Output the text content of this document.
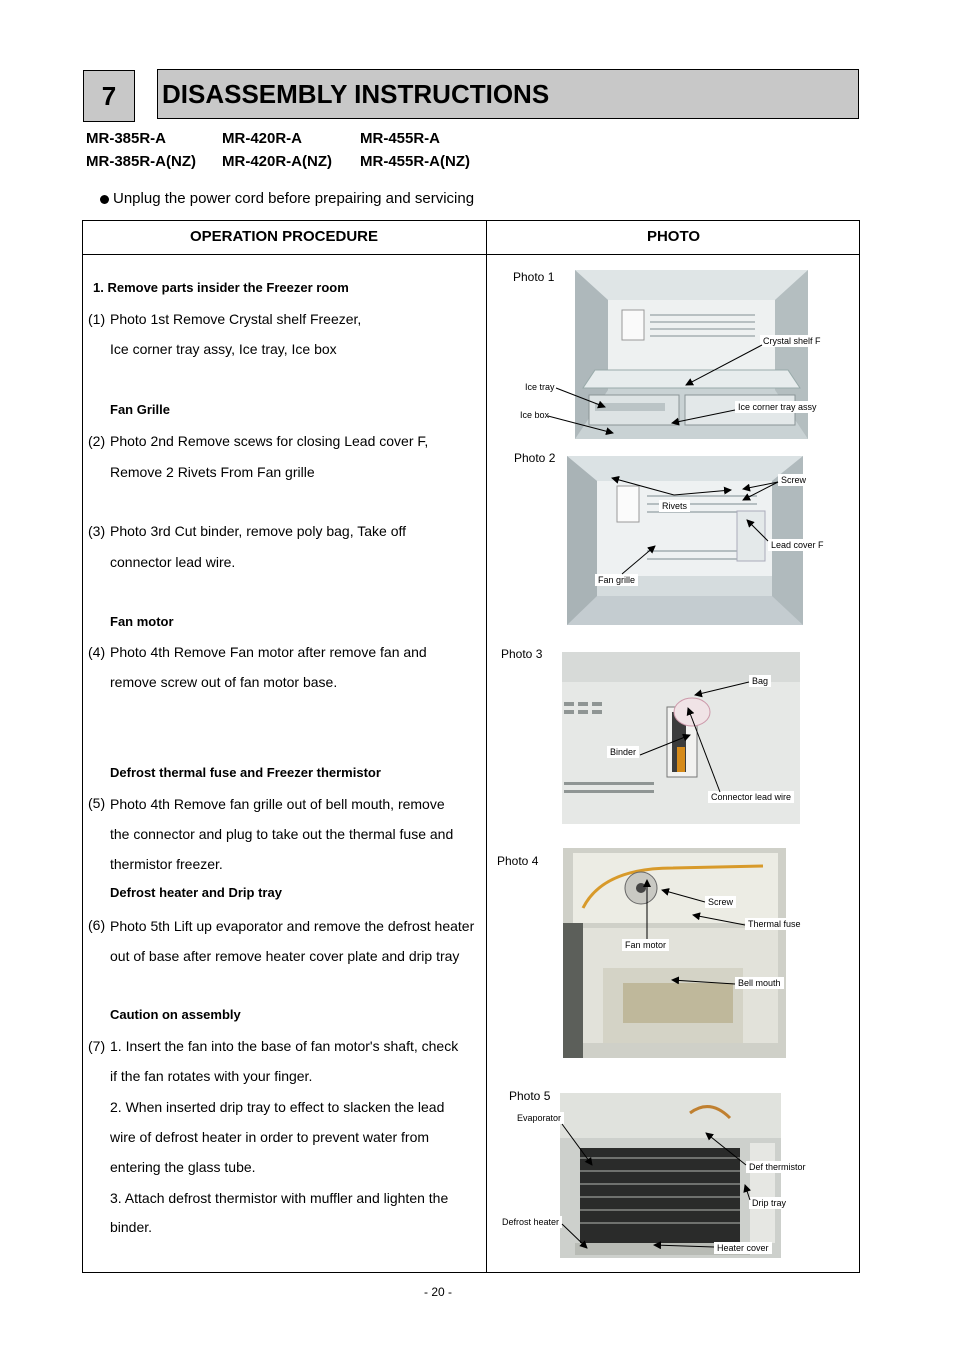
7	DISASSEMBLY INSTRUCTIONS
MR-385R-A	MR-420R-A	MR-455R-A
MR-385R-A(NZ) MR-420R-A(NZ) MR-455R-A(NZ)
Unplug the power cord before prepairing and servicing
OPERATION PROCEDURE	PHOTO
1. Remove parts insider the Freezer room
(1) Photo 1st Remove Crystal shelf Freezer,
Ice corner tray assy, Ice tray, Ice box
Fan Grille
(2) Photo 2nd Remove scews for closing Lead cover F,
Remove 2 Rivets From Fan grille
(3) Photo 3rd Cut binder, remove poly bag, Take off
connector lead wire.
Fan motor
(4) Photo 4th Remove Fan motor after remove fan and
remove screw out of fan motor base.
Defrost thermal fuse and Freezer thermistor
(5) Photo 4th Remove fan grille out of bell mouth, remove
the connector and plug to take out the thermal fuse and
thermistor freezer.
Defrost heater and Drip tray
(6) Photo 5th Lift up evaporator and remove the defrost heater
out of base after remove heater cover plate and drip tray
Caution on assembly
(7) 1. Insert the fan into the base of fan motor's shaft, check
if the fan rotates with your finger.
2. When inserted drip tray to effect to slacken the lead
wire of defrost heater in order to prevent water from
entering the glass tube.
3. Attach defrost thermistor with muffler and lighten the
binder.
Photo 1
Crystal shelf F
Ice tray
Ice box
Ice corner tray assy
Photo 2
Screw
Rivets
Lead cover F
Fan grille
Photo 3
Bag
Binder
Connector lead wire
Photo 4
Screw
Thermal fuse
Fan motor
Bell mouth
Photo 5
Evaporator
Def thermistor
Drip tray
Defrost heater
Heater cover
- 20 -
